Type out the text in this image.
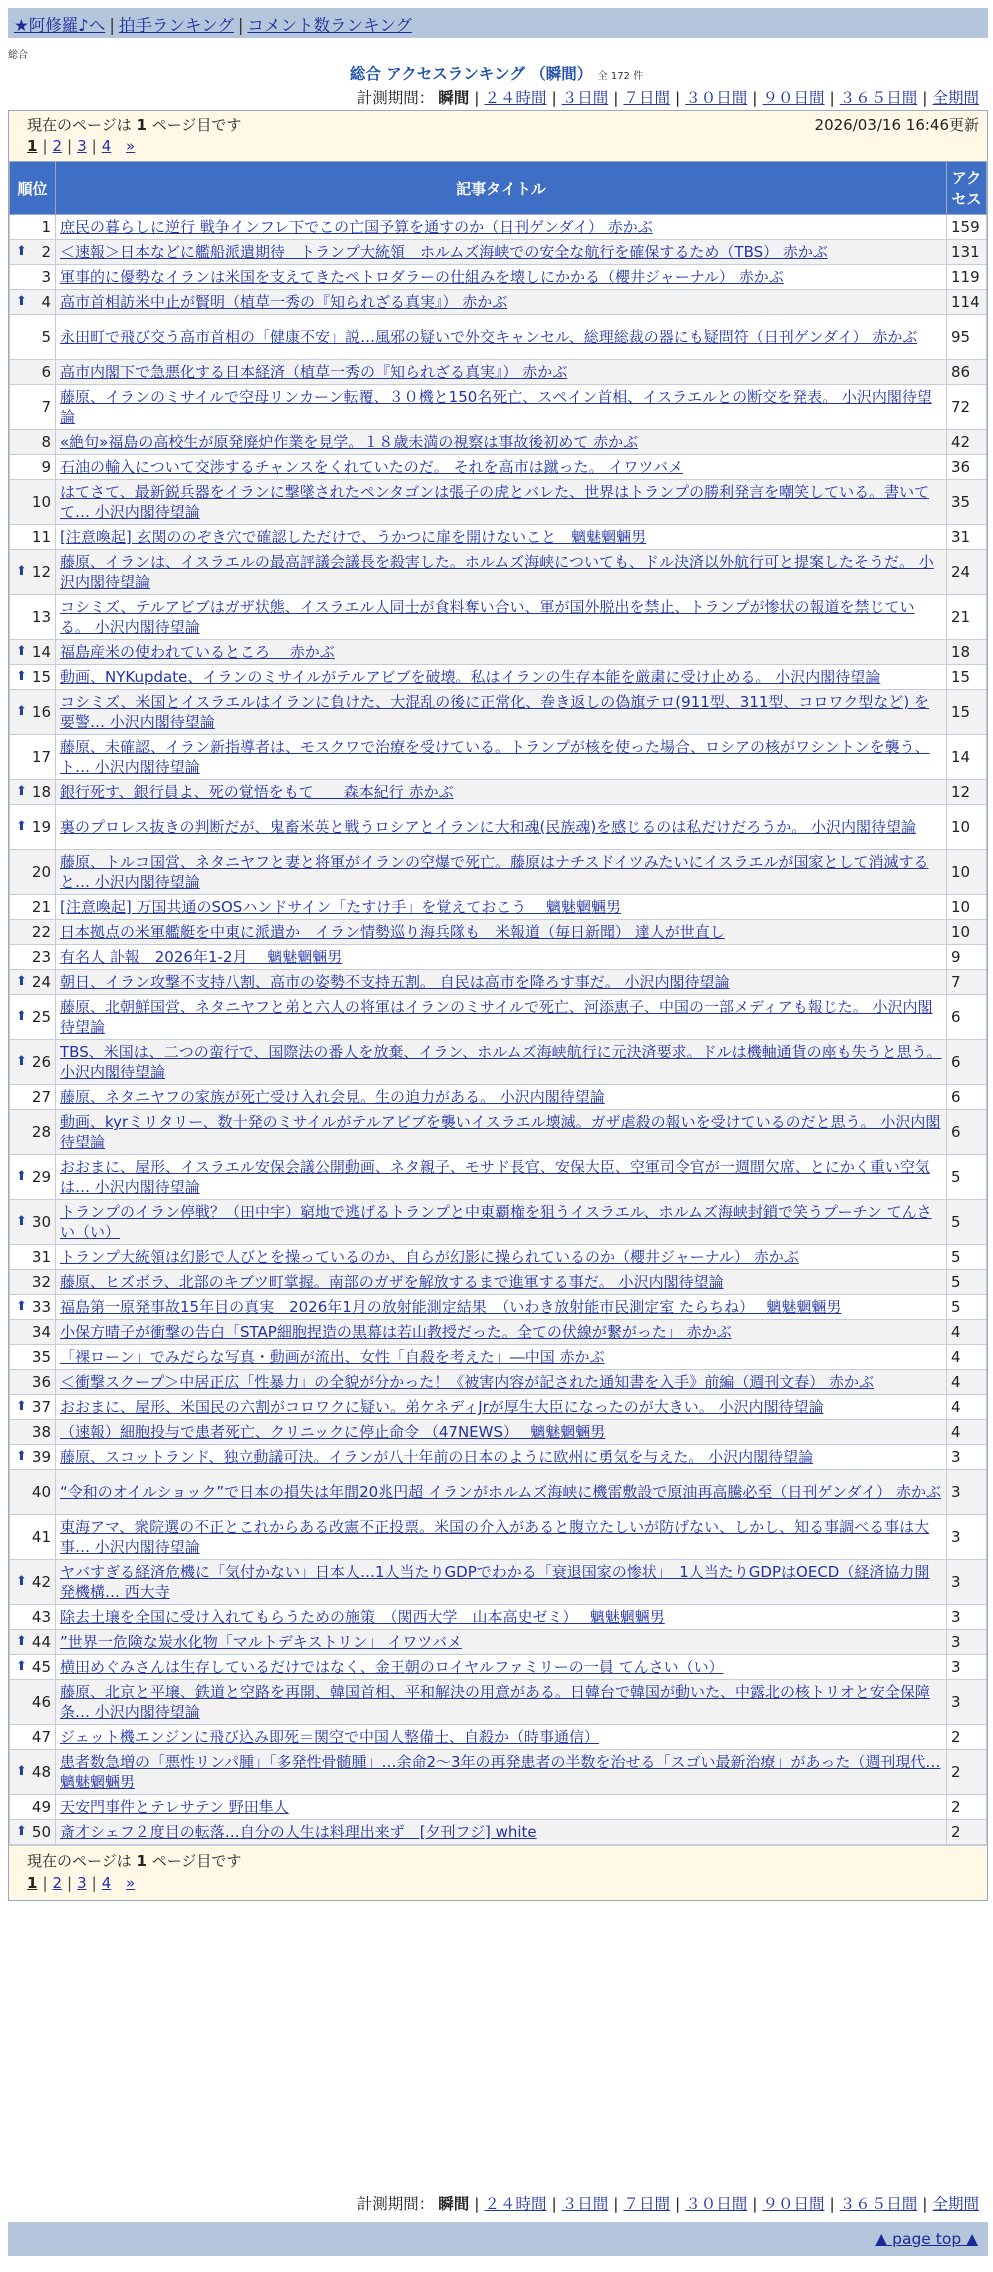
★阿修羅♪へ | 拍手ランキング | コメント数ランキング
総合
総合 アクセスランキング （瞬間） 全 172 件
計測期間： 瞬間 | ２４時間 | ３日間 | ７日間 | ３０日間 | ９０日間 | ３６５日間 | 全期間
現在のページは 1 ページ目です	2026/03/16 16:46更新
1 | 2 | 3 | 4 »
順位	記事タイトル	アクセス
1	庶民の暮らしに逆行 戦争インフレ下でこの亡国予算を通すのか（日刊ゲンダイ） 赤かぶ	159

⬆ 2	＜速報＞日本などに艦船派遣期待　トランプ大統領　ホルムズ海峡での安全な航行を確保するため（TBS） 赤かぶ	131
3	軍事的に優勢なイランは米国を支えてきたペトロダラーの仕組みを壊しにかかる（櫻井ジャーナル） 赤かぶ	119

⬆ 4	高市首相訪米中止が賢明（植草一秀の『知られざる真実』） 赤かぶ	114
5	永田町で飛び交う高市首相の「健康不安」説…風邪の疑いで外交キャンセル、総理総裁の器にも疑問符（日刊ゲンダイ） 赤かぶ	95
6	高市内閣下で急悪化する日本経済（植草一秀の『知られざる真実』） 赤かぶ	86
7	藤原、イランのミサイルで空母リンカーン転覆、３０機と150名死亡、スペイン首相、イスラエルとの断交を発表。 小沢内閣待望論	72
8	«絶句»福島の高校生が原発廃炉作業を見学。１８歳未満の視察は事故後初めて 赤かぶ	42
9	石油の輸入について交渉するチャンスをくれていたのだ。 それを高市は蹴った。 イワツバメ	36
10	はてさて、最新鋭兵器をイランに撃墜されたペンタゴンは張子の虎とバレた、世界はトランプの勝利発言を嘲笑している。書いてて… 小沢内閣待望論	35
11	[注意喚起] 玄関ののぞき穴で確認しただけで、うかつに扉を開けないこと　魑魅魍魎男	31

⬆ 12	藤原、イランは、イスラエルの最高評議会議長を殺害した。ホルムズ海峡についても、ドル決済以外航行可と提案したそうだ。 小沢内閣待望論	24
13	コシミズ、テルアビブはガザ状態、イスラエル人同士が食料奪い合い、軍が国外脱出を禁止、トランプが惨状の報道を禁じている。 小沢内閣待望論	21

⬆ 14	福島産米の使われているところ　 赤かぶ	18

⬆ 15	動画、NYKupdate、イランのミサイルがテルアビブを破壊。私はイランの生存本能を厳粛に受け止める。 小沢内閣待望論	15

⬆ 16	コシミズ、米国とイスラエルはイランに負けた、大混乱の後に正常化、巻き返しの偽旗テロ(911型、311型、コロワク型など) を要警… 小沢内閣待望論	15
17	藤原、未確認、イラン新指導者は、モスクワで治療を受けている。トランプが核を使った場合、ロシアの核がワシントンを襲う、ト… 小沢内閣待望論	14

⬆ 18	銀行死す、銀行員よ、死の覚悟をもて　　森本紀行 赤かぶ	12

⬆ 19	裏のプロレス抜きの判断だが、鬼畜米英と戦うロシアとイランに大和魂(民族魂)を感じるのは私だけだろうか。 小沢内閣待望論	10
20	藤原、トルコ国営、ネタニヤフと妻と将軍がイランの空爆で死亡。藤原はナチスドイツみたいにイスラエルが国家として消滅すると… 小沢内閣待望論	10
21	[注意喚起] 万国共通のSOSハンドサイン「たすけ手」を覚えておこう　 魑魅魍魎男	10
22	日本拠点の米軍艦艇を中東に派遣か　イラン情勢巡り海兵隊も　米報道（毎日新聞） 達人が世直し	10
23	有名人 訃報　2026年1-2月　 魑魅魍魎男	9

⬆ 24	朝日、イラン攻撃不支持八割、高市の姿勢不支持五割。 自民は高市を降ろす事だ。 小沢内閣待望論	7

⬆ 25	藤原、北朝鮮国営、ネタニヤフと弟と六人の将軍はイランのミサイルで死亡、河添恵子、中国の一部メディアも報じた。 小沢内閣待望論	6

⬆ 26	TBS、米国は、二つの蛮行で、国際法の番人を放棄、イラン、ホルムズ海峡航行に元決済要求。ドルは機軸通貨の座も失うと思う。 小沢内閣待望論	6
27	藤原、ネタニヤフの家族が死亡受け入れ会見。生の迫力がある。 小沢内閣待望論	6
28	動画、kyrミリタリー、数十発のミサイルがテルアビブを襲いイスラエル壊滅。ガザ虐殺の報いを受けているのだと思う。 小沢内閣待望論	6

⬆ 29	おおまに、屋形、イスラエル安保会議公開動画、ネタ親子、モサド長官、安保大臣、空軍司令官が一週間欠席、とにかく重い空気は… 小沢内閣待望論	5

⬆ 30	トランプのイラン停戦？（田中宇）窮地で逃げるトランプと中東覇権を狙うイスラエル、ホルムズ海峡封鎖で笑うプーチン てんさい（い）	5
31	トランプ大統領は幻影で人びとを操っているのか、自らが幻影に操られているのか（櫻井ジャーナル） 赤かぶ	5
32	藤原、ヒズボラ、北部のキブツ町掌握。南部のガザを解放するまで進軍する事だ。 小沢内閣待望論	5

⬆ 33	福島第一原発事故15年目の真実　2026年1月の放射能測定結果　（いわき放射能市民測定室 たらちね）　 魑魅魍魎男	5
34	小保方晴子が衝撃の告白「STAP細胞捏造の黒幕は若山教授だった。全ての伏線が繋がった」 赤かぶ	4
35	「裸ローン」でみだらな写真・動画が流出、女性「自殺を考えた」―中国 赤かぶ	4
36	＜衝撃スクープ＞中居正広「性暴力」の全貌が分かった！《被害内容が記された通知書を入手》前編（週刊文春） 赤かぶ	4

⬆ 37	おおまに、屋形、米国民の六割がコロワクに疑い。弟ケネディJrが厚生大臣になったのが大きい。 小沢内閣待望論	4
38	（速報）細胞投与で患者死亡、クリニックに停止命令 （47NEWS）　 魑魅魍魎男	4

⬆ 39	藤原、スコットランド、独立動議可決。イランが八十年前の日本のように欧州に勇気を与えた。 小沢内閣待望論	3
40	“令和のオイルショック”で日本の損失は年間20兆円超 イランがホルムズ海峡に機雷敷設で原油再高騰必至（日刊ゲンダイ） 赤かぶ	3
41	東海アマ、衆院選の不正とこれからある改憲不正投票。米国の介入があると腹立たしいが防げない、しかし、知る事調べる事は大事… 小沢内閣待望論	3

⬆ 42	ヤバすぎる経済危機に「気付かない」日本人…1人当たりGDPでわかる「衰退国家の惨状」　1人当たりGDPはOECD（経済協力開発機構… 西大寺	3
43	除去土壌を全国に受け入れてもらうための施策　（関西大学　山本高史ゼミ）　 魑魅魍魎男	3

⬆ 44	”世界一危険な炭水化物「マルトデキストリン」 イワツバメ	3

⬆ 45	横田めぐみさんは生存しているだけではなく、金王朝のロイヤルファミリーの一員 てんさい（い）	3
46	藤原、北京と平壌、鉄道と空路を再開、韓国首相、平和解決の用意がある。日韓台で韓国が動いた、中露北の核トリオと安全保障条… 小沢内閣待望論	3
47	ジェット機エンジンに飛び込み即死＝関空で中国人整備士、自殺か（時事通信）	2

⬆ 48	患者数急増の「悪性リンパ腫」「多発性骨髄腫」…余命2～3年の再発患者の半数を治せる「スゴい最新治療」があった（週刊現代… 魑魅魍魎男	2
49	天安門事件とテレサテン 野田隼人	2

⬆ 50	斎才シェフ２度目の転落…自分の人生は料理出来ず　[夕刊フジ] white	2
現在のページは 1 ページ目です
1 | 2 | 3 | 4 »
計測期間： 瞬間 | ２４時間 | ３日間 | ７日間 | ３０日間 | ９０日間 | ３６５日間 | 全期間
▲ page top ▲
